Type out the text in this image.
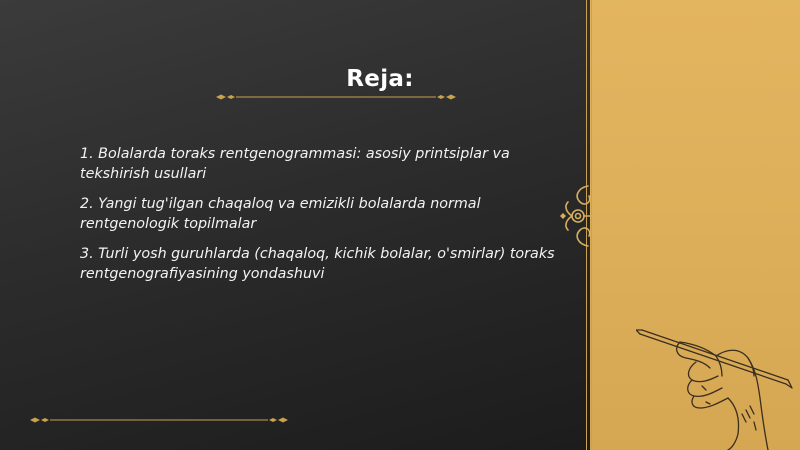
Reja:
1. Bolalarda toraks rentgenogrammasi: asosiy printsiplar va tekshirish usullari
2. Yangi tug'ilgan chaqaloq va emizikli bolalarda normal rentgenologik topilmalar
3. Turli yosh guruhlarda (chaqaloq, kichik bolalar, o'smirlar) toraks rentgenografiyasining yondashuvi
